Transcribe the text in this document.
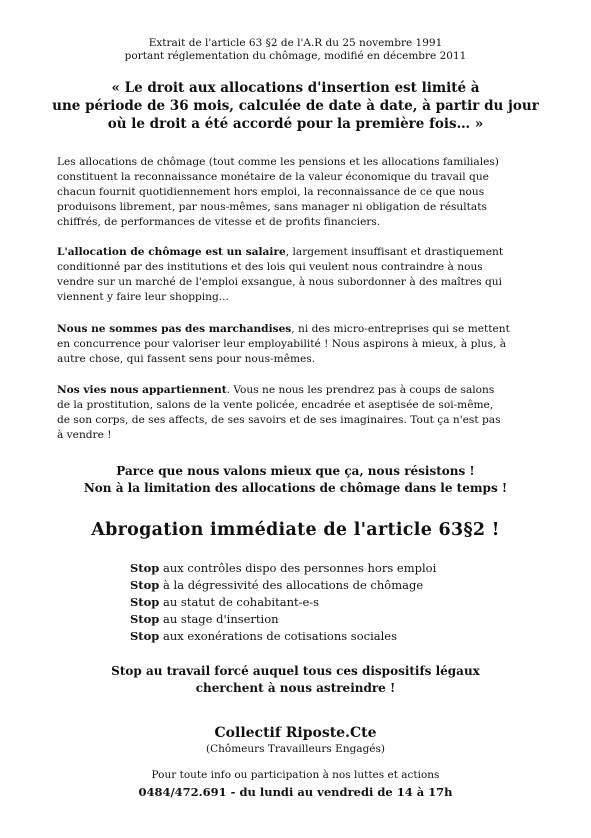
Extrait de l'article 63 §2 de l'A.R du 25 novembre 1991
portant réglementation du chômage, modifié en décembre 2011
« Le droit aux allocations d'insertion est limité à
une période de 36 mois, calculée de date à date, à partir du jour
où le droit a été accordé pour la première fois… »
Les allocations de chômage (tout comme les pensions et les allocations familiales)
constituent la reconnaissance monétaire de la valeur économique du travail que
chacun fournit quotidiennement hors emploi, la reconnaissance de ce que nous
produisons librement, par nous-mêmes, sans manager ni obligation de résultats
chiffrés, de performances de vitesse et de profits financiers.
L'allocation de chômage est un salaire, largement insuffisant et drastiquement
conditionné par des institutions et des lois qui veulent nous contraindre à nous
vendre sur un marché de l'emploi exsangue, à nous subordonner à des maîtres qui
viennent y faire leur shopping...
Nous ne sommes pas des marchandises, ni des micro-entreprises qui se mettent
en concurrence pour valoriser leur employabilité ! Nous aspirons à mieux, à plus, à
autre chose, qui fassent sens pour nous-mêmes.
Nos vies nous appartiennent. Vous ne nous les prendrez pas à coups de salons
de la prostitution, salons de la vente policée, encadrée et aseptisée de soi-même,
de son corps, de ses affects, de ses savoirs et de ses imaginaires. Tout ça n'est pas
à vendre !
Parce que nous valons mieux que ça, nous résistons !
Non à la limitation des allocations de chômage dans le temps !
Abrogation immédiate de l'article 63§2 !
Stop aux contrôles dispo des personnes hors emploi
Stop à la dégressivité des allocations de chômage
Stop au statut de cohabitant-e-s
Stop au stage d'insertion
Stop aux exonérations de cotisations sociales
Stop au travail forcé auquel tous ces dispositifs légaux
cherchent à nous astreindre !
Collectif Riposte.Cte
(Chômeurs Travailleurs Engagés)
Pour toute info ou participation à nos luttes et actions
0484/472.691 - du lundi au vendredi de 14 à 17h
